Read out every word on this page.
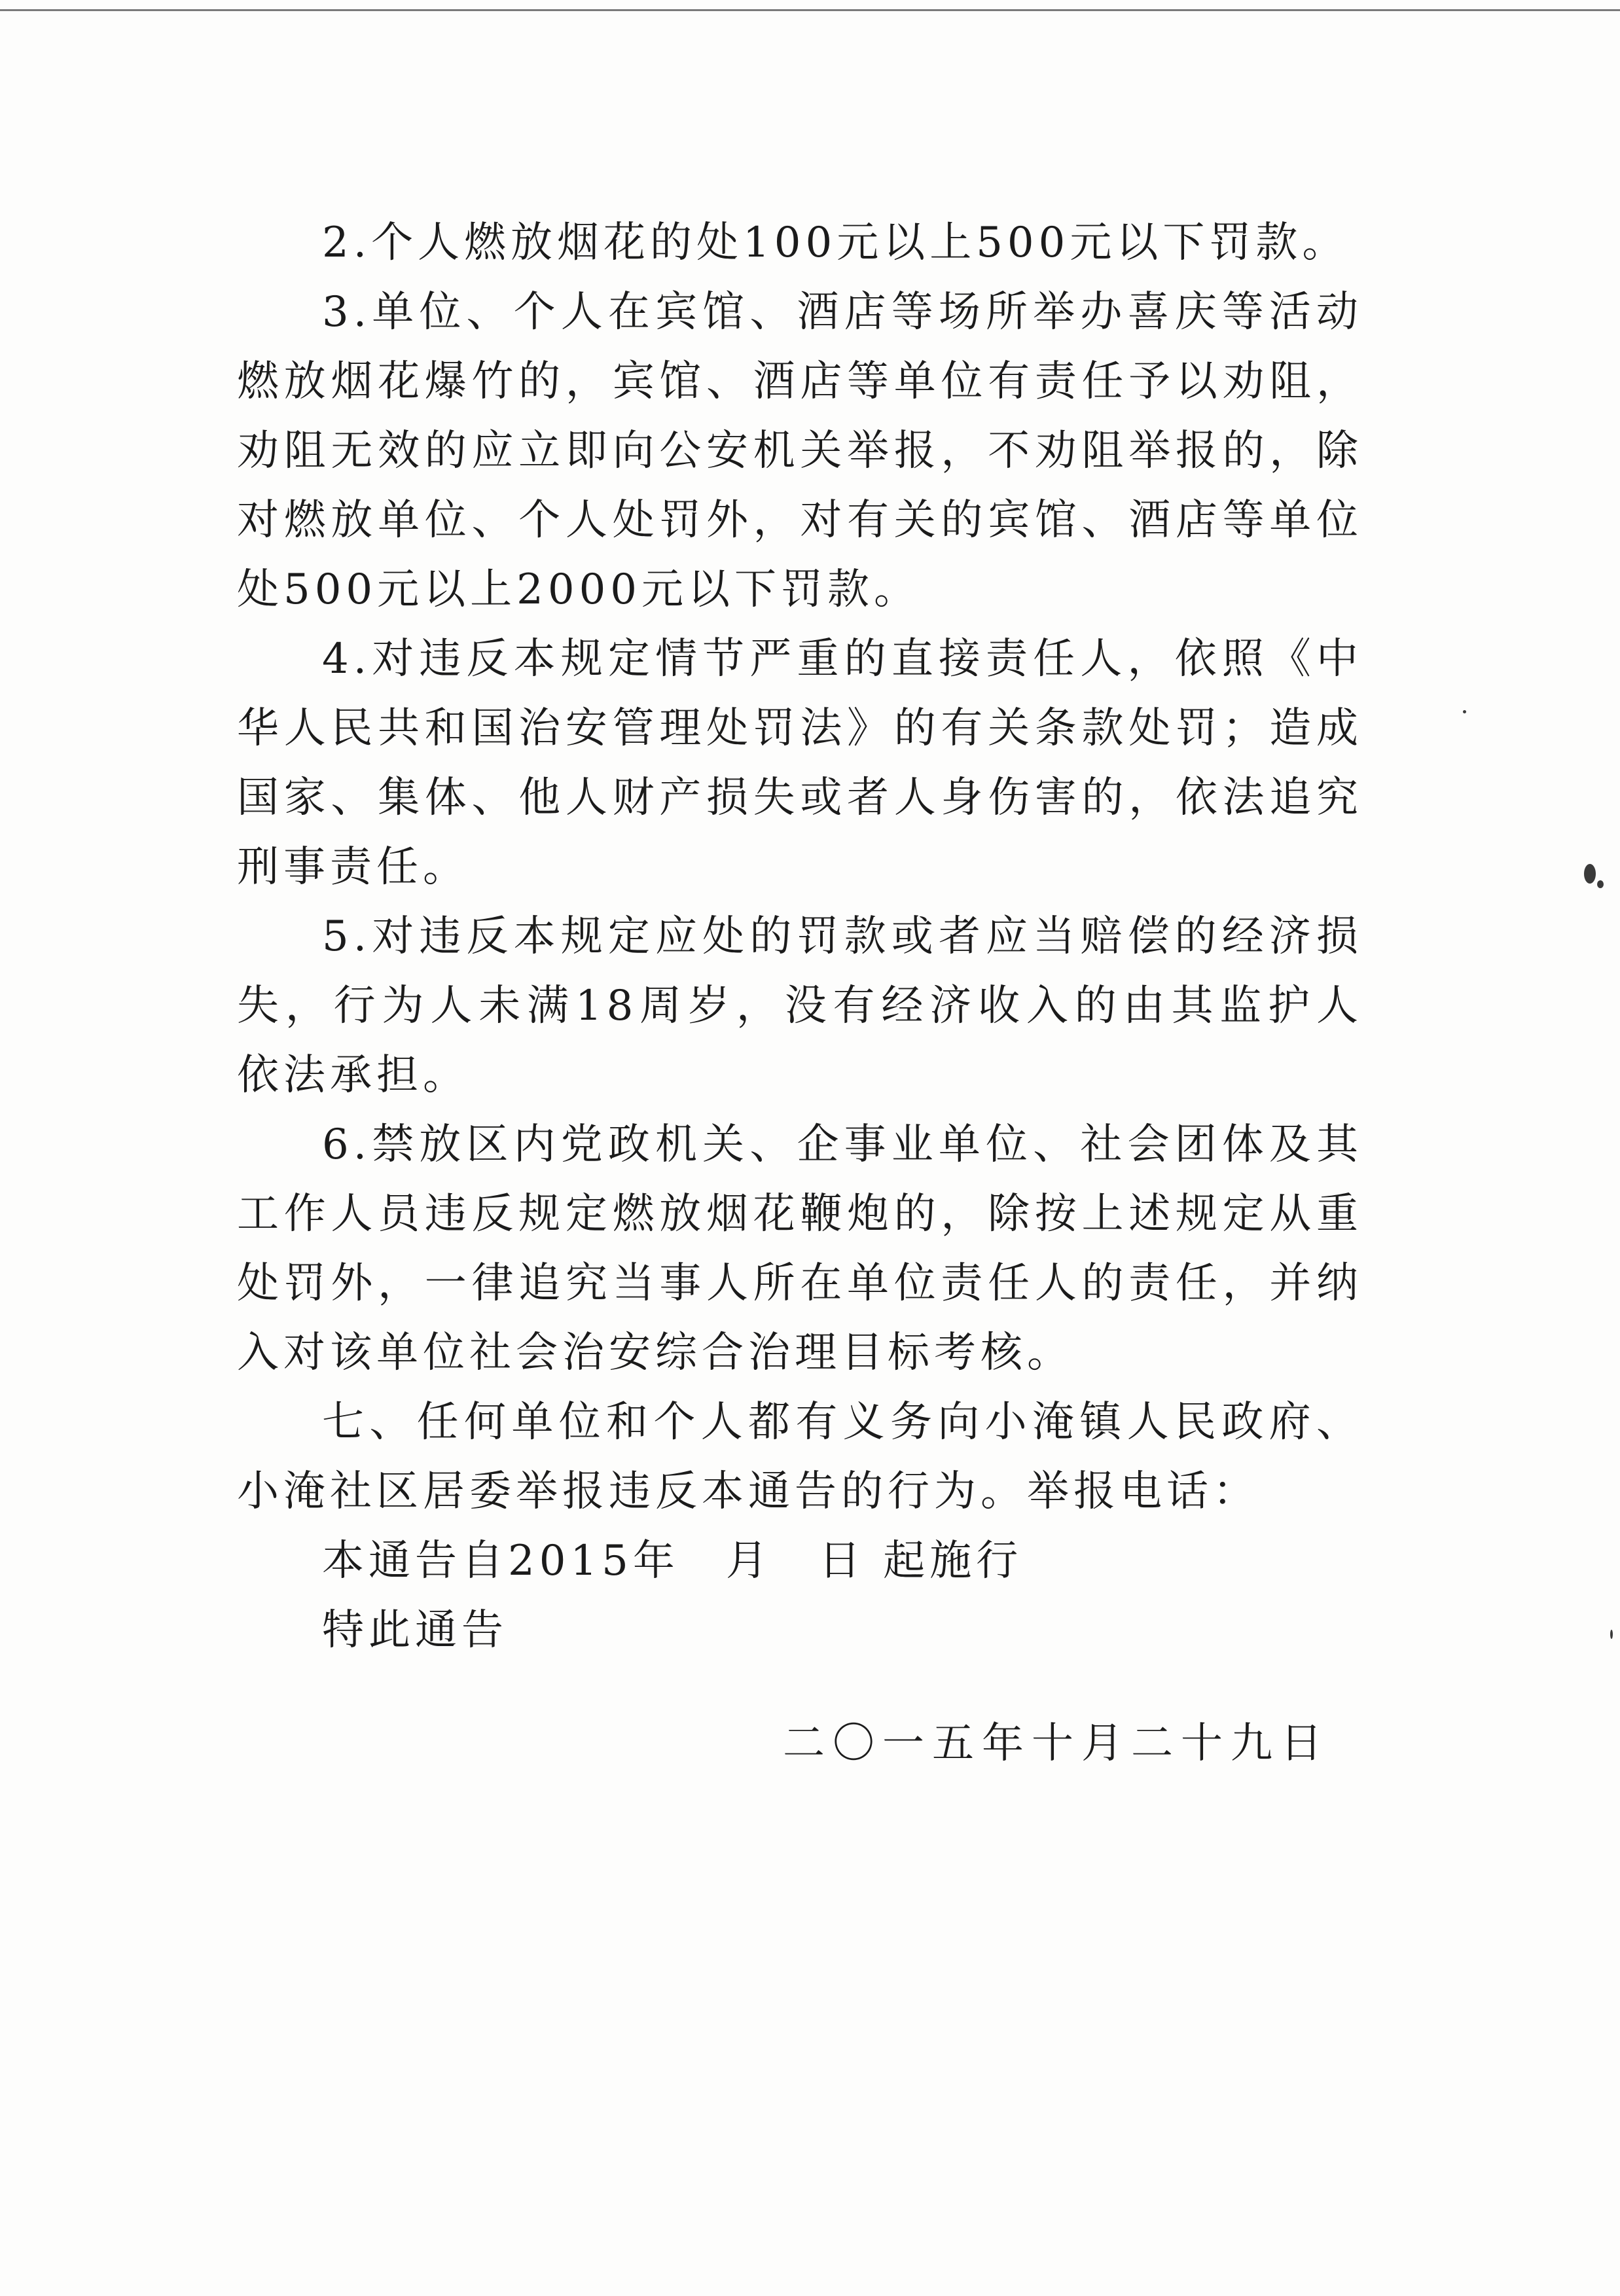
2.个人燃放烟花的处100元以上500元以下罚款。

3.单位、个人在宾馆、酒店等场所举办喜庆等活动燃放烟花爆竹的，宾馆、酒店等单位有责任予以劝阻，劝阻无效的应立即向公安机关举报，不劝阻举报的，除对燃放单位、个人处罚外，对有关的宾馆、酒店等单位处500元以上2000元以下罚款。

4.对违反本规定情节严重的直接责任人，依照《中华人民共和国治安管理处罚法》的有关条款处罚；造成国家、集体、他人财产损失或者人身伤害的，依法追究刑事责任。

5.对违反本规定应处的罚款或者应当赔偿的经济损失，行为人未满18周岁，没有经济收入的由其监护人依法承担。

6.禁放区内党政机关、企事业单位、社会团体及其工作人员违反规定燃放烟花鞭炮的，除按上述规定从重处罚外，一律追究当事人所在单位责任人的责任，并纳入对该单位社会治安综合治理目标考核。

七、任何单位和个人都有义务向小淹镇人民政府、小淹社区居委举报违反本通告的行为。举报电话：

本通告自2015年　月　日 起施行

特此通告

二〇一五年十月二十九日
